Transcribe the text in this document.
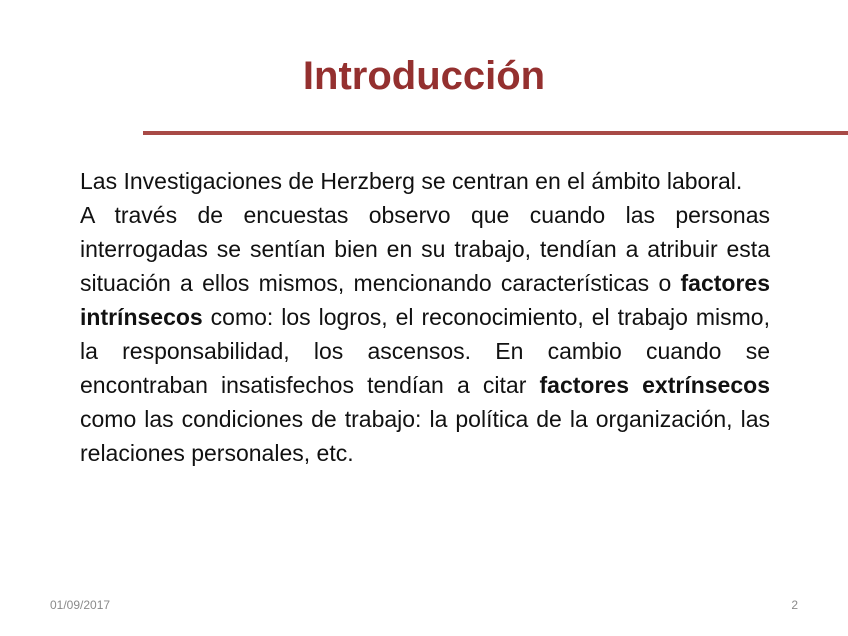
Introducción

Las Investigaciones de Herzberg se centran en el ámbito laboral.

A través de encuestas observo que cuando las personas interrogadas se sentían bien en su trabajo, tendían a atribuir esta situación a ellos mismos, mencionando características o factores intrínsecos como: los logros, el reconocimiento, el trabajo mismo, la responsabilidad, los ascensos. En cambio cuando se encontraban insatisfechos tendían a citar factores extrínsecos como las condiciones de trabajo: la política de la organización, las relaciones personales, etc.

01/09/2017	2
